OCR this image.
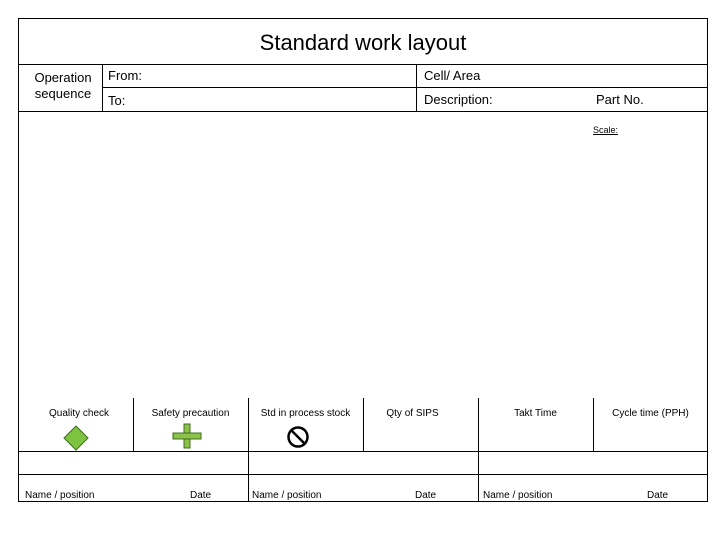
Standard work layout
Operation
sequence
From:
To:
Cell/ Area
Description:	Part No.
Scale:
Quality check	Safety precaution	Std in process stock	Qty of SIPS	Takt Time	Cycle time (PPH)
Name / position	Date	Name / position	Date	Name / position	Date
